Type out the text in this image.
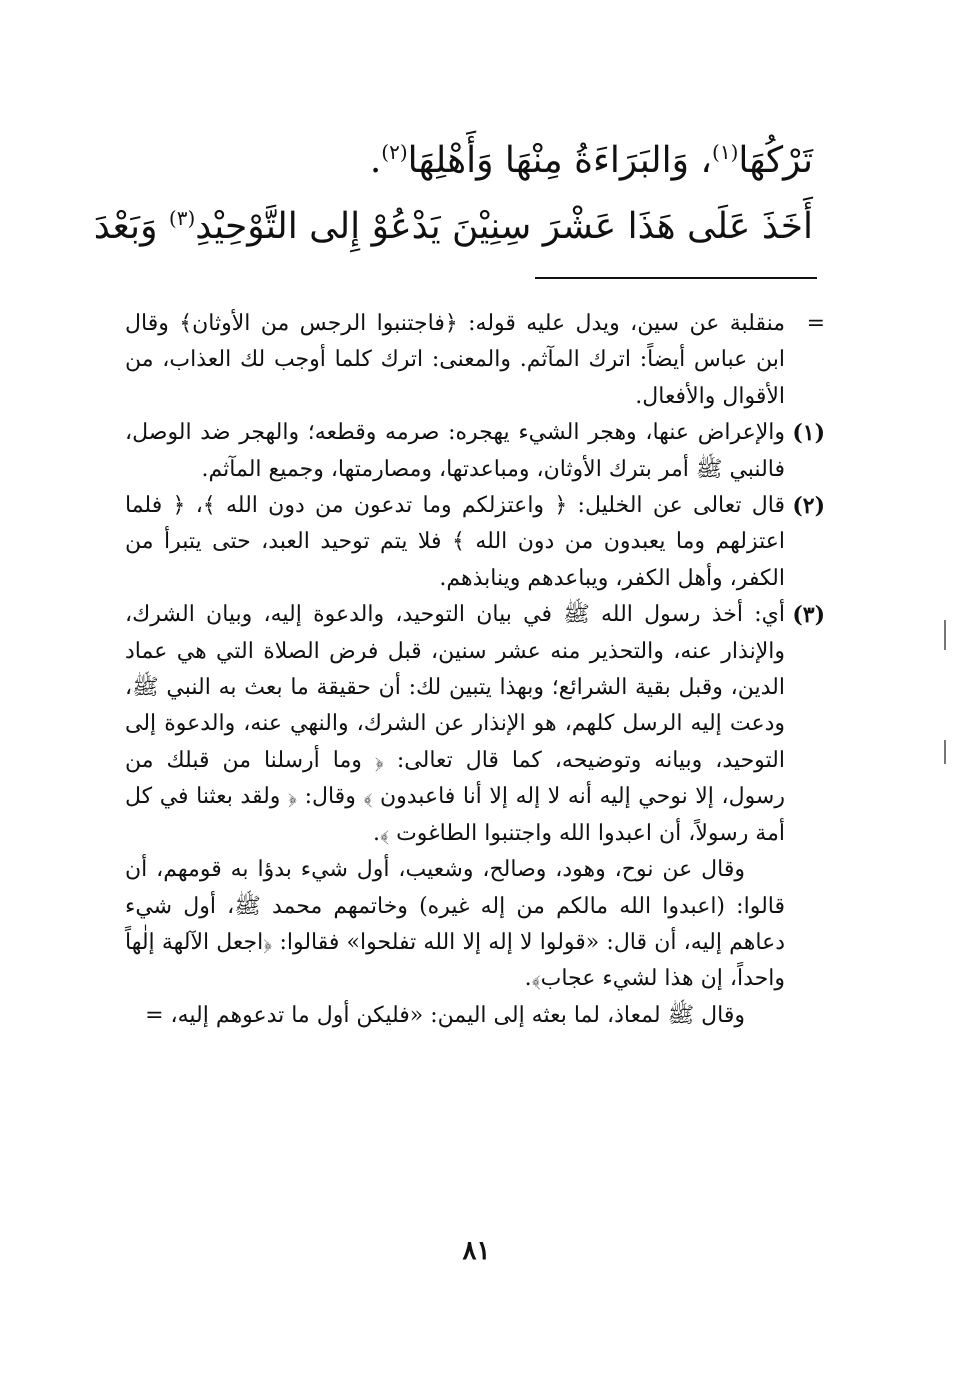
تَرْكُهَا$^{(١)}$، وَالبَرَاءَةُ مِنْهَا وَأَهْلِهَا$^{(٢)}$.
أَخَذَ عَلَى هَذَا عَشْرَ سِنِيْنَ يَدْعُوْ إِلى التَّوْحِيْدِ$^{(٣)}$ وَبَعْدَ

=
منقلبة عن سين، ويدل عليه قوله: ﴿فاجتنبوا الرجس من الأوثان﴾ وقال ابن عباس أيضاً: اترك المآثم. والمعنى: اترك كلما أوجب لك العذاب، من الأقوال والأفعال.

(١)
والإعراض عنها، وهجر الشيء يهجره: صرمه وقطعه؛ والهجر ضد الوصل، فالنبي ﷺ أمر بترك الأوثان، ومباعدتها، ومصارمتها، وجميع المآثم.

(٢)
قال تعالى عن الخليل: ﴿ واعتزلكم وما تدعون من دون الله ﴾، ﴿ فلما اعتزلهم وما يعبدون من دون الله ﴾ فلا يتم توحيد العبد، حتى يتبرأ من الكفر، وأهل الكفر، ويباعدهم وينابذهم.

(٣)
أي: أخذ رسول الله ﷺ في بيان التوحيد، والدعوة إليه، وبيان الشرك، والإنذار عنه، والتحذير منه عشر سنين، قبل فرض الصلاة التي هي عماد الدين، وقبل بقية الشرائع؛ وبهذا يتبين لك: أن حقيقة ما بعث به النبي ﷺ، ودعت إليه الرسل كلهم، هو الإنذار عن الشرك، والنهي عنه، والدعوة إلى التوحيد، وبيانه وتوضيحه، كما قال تعالى: ﴿ وما أرسلنا من قبلك من رسول، إلا نوحي إليه أنه لا إله إلا أنا فاعبدون ﴾ وقال: ﴿ ولقد بعثنا في كل أمة رسولاً، أن اعبدوا الله واجتنبوا الطاغوت ﴾.

وقال عن نوح، وهود، وصالح، وشعيب، أول شيء بدؤا به قومهم، أن قالوا: (اعبدوا الله مالكم من إله غيره) وخاتمهم محمد ﷺ، أول شيء دعاهم إليه، أن قال: «قولوا لا إله إلا الله تفلحوا» فقالوا: ﴿اجعل الآلهة إلٰهاً واحداً، إن هذا لشيء عجاب﴾.

وقال ﷺ لمعاذ، لما بعثه إلى اليمن: «فليكن أول ما تدعوهم إليه، =

٨١
